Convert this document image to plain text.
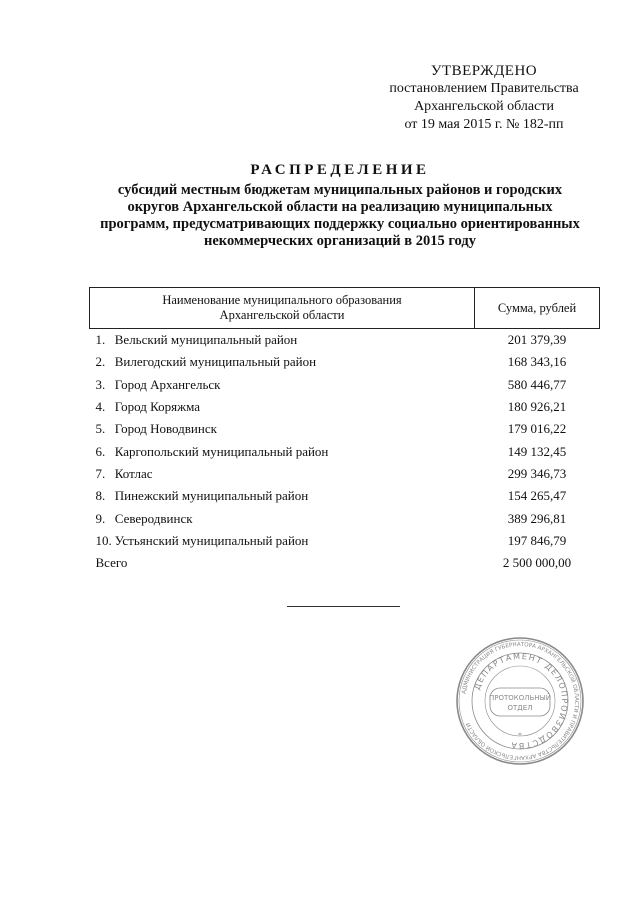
УТВЕРЖДЕНО
постановлением Правительства
Архангельской области
от 19 мая 2015 г. № 182-пп
РАСПРЕДЕЛЕНИЕ
субсидий местным бюджетам муниципальных районов и городских
округов Архангельской области на реализацию муниципальных
программ, предусматривающих поддержку социально ориентированных
некоммерческих организаций в 2015 году
Наименование муниципального образования
Архангельской области	Сумма, рублей
1. Вельский муниципальный район	201 379,39
2. Вилегодский муниципальный район	168 343,16
3. Город Архангельск	580 446,77
4. Город Коряжма	180 926,21
5. Город Новодвинск	179 016,22
6. Каргопольский муниципальный район	149 132,45
7. Котлас	299 346,73
8. Пинежский муниципальный район	154 265,47
9. Северодвинск	389 296,81
10. Устьянский муниципальный район	197 846,79
Всего	2 500 000,00
АДМИНИСТРАЦИЯ ГУБЕРНАТОРА АРХАНГЕЛЬСКОЙ ОБЛАСТИ И ПРАВИТЕЛЬСТВА АРХАНГЕЛЬСКОЙ ОБЛАСТИ
ДЕПАРТАМЕНТ ДЕЛОПРОИЗВОДСТВА
ПРОТОКОЛЬНЫЙ
ОТДЕЛ
*
